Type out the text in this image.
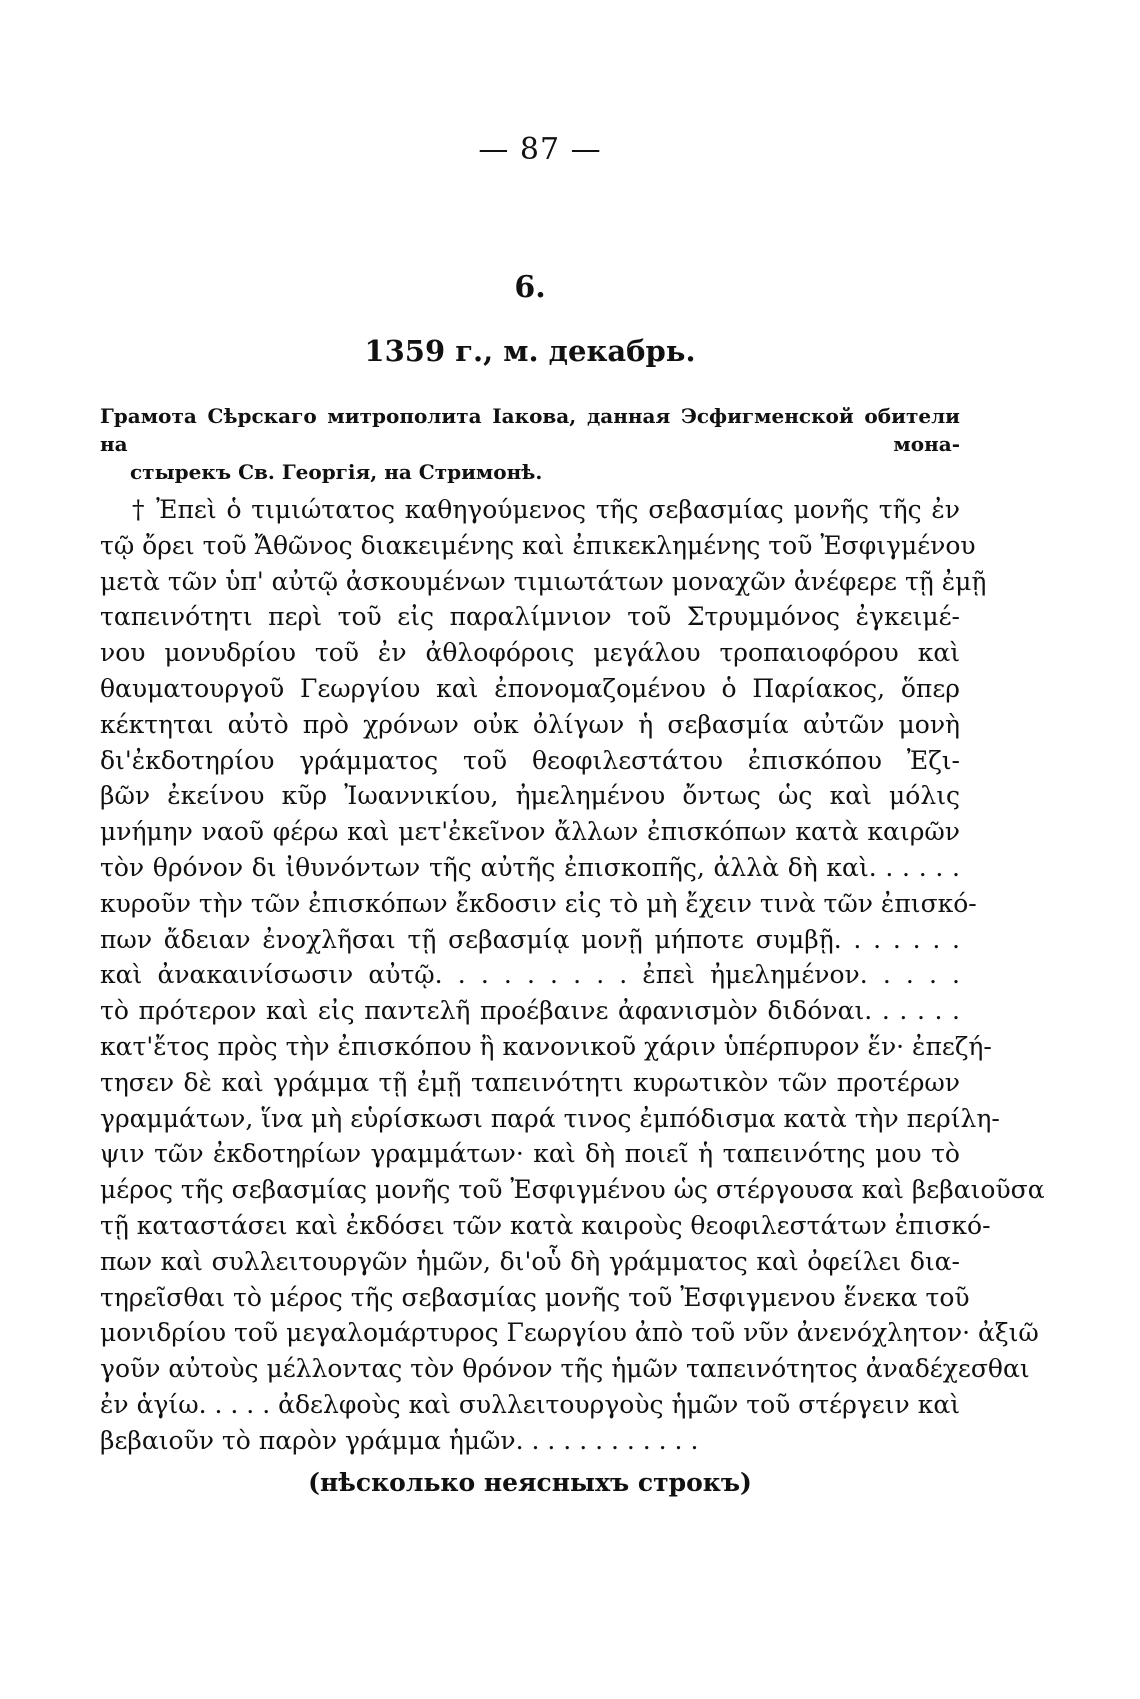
— 87 —
6.
1359 г., м. декабрь.
Грамота Сѣрскаго митрополита Іакова, данная Эсфигменской обители на мона-
стырекъ Св. Георгія, на Стримонѣ.
† Ἐπεὶ ὁ τιμιώτατος καθηγούμενος τῆς σεβασμίας μονῆς τῆς ἐν
τῷ ὄρει τοῦ Ἄθῶνος διακειμένης καὶ ἐπικεκλημένης τοῦ Ἐσφιγμένου
μετὰ τῶν ὑπ' αὐτῷ ἀσκουμένων τιμιωτάτων μοναχῶν ἀνέφερε τῇ ἐμῇ
ταπεινότητι περὶ τοῦ εἰς παραλίμνιον τοῦ Στρυμμόνος ἐγκειμέ-
νου μονυδρίου τοῦ ἐν ἀθλοφόροις μεγάλου τροπαιοφόρου καὶ
θαυματουργοῦ Γεωργίου καὶ ἐπονομαζομένου ὁ Παρίακος, ὅπερ
κέκτηται αὐτὸ πρὸ χρόνων οὐκ ὀλίγων ἡ σεβασμία αὐτῶν μονὴ
δι'ἐκδοτηρίου γράμματος τοῦ θεοφιλεστάτου ἐπισκόπου Ἐζι-
βῶν ἐκείνου κῦρ Ἰωαννικίου, ἠμελημένου ὄντως ὡς καὶ μόλις
μνήμην ναοῦ φέρω καὶ μετ'ἐκεῖνον ἄλλων ἐπισκόπων κατὰ καιρῶν
τὸν θρόνον δι ἰθυνόντων τῆς αὐτῆς ἐπισκοπῆς, ἀλλὰ δὴ καὶ. . . . . .
κυροῦν τὴν τῶν ἐπισκόπων ἔκδοσιν εἰς τὸ μὴ ἔχειν τινὰ τῶν ἐπισκό-
πων ἄδειαν ἐνοχλῆσαι τῇ σεβασμίᾳ μονῇ μήποτε συμβῇ. . . . . . .
καὶ ἀνακαινίσωσιν αὐτῷ. . . . . . . . . ἐπεὶ ἠμελημένον. . . . .
τὸ πρότερον καὶ εἰς παντελῆ προέβαινε ἀφανισμὸν διδόναι. . . . . .
κατ'ἔτος πρὸς τὴν ἐπισκόπου ἢ κανονικοῦ χάριν ὑπέρπυρον ἕν· ἐπεζή-
τησεν δὲ καὶ γράμμα τῇ ἐμῇ ταπεινότητι κυρωτικὸν τῶν προτέρων
γραμμάτων, ἵνα μὴ εὑρίσκωσι παρά τινος ἐμπόδισμα κατὰ τὴν περίλη-
ψιν τῶν ἐκδοτηρίων γραμμάτων· καὶ δὴ ποιεῖ ἡ ταπεινότης μου τὸ
μέρος τῆς σεβασμίας μονῆς τοῦ Ἐσφιγμένου ὡς στέργουσα καὶ βεβαιοῦσα
τῇ καταστάσει καὶ ἐκδόσει τῶν κατὰ καιροὺς θεοφιλεστάτων ἐπισκό-
πων καὶ συλλειτουργῶν ἡμῶν, δι'οὗ δὴ γράμματος καὶ ὀφείλει δια-
τηρεῖσθαι τὸ μέρος τῆς σεβασμίας μονῆς τοῦ Ἐσφιγμενου ἕνεκα τοῦ
μονιδρίου τοῦ μεγαλομάρτυρος Γεωργίου ἀπὸ τοῦ νῦν ἀνενόχλητον· ἀξιῶ
γοῦν αὐτοὺς μέλλοντας τὸν θρόνον τῆς ἡμῶν ταπεινότητος ἀναδέχεσθαι
ἐν ἁγίω. . . . . ἀδελφοὺς καὶ συλλειτουργοὺς ἡμῶν τοῦ στέργειν καὶ
βεβαιοῦν τὸ παρὸν γράμμα ἡμῶν. . . . . . . . . . . .
(нѣсколько неясныхъ строкъ)
